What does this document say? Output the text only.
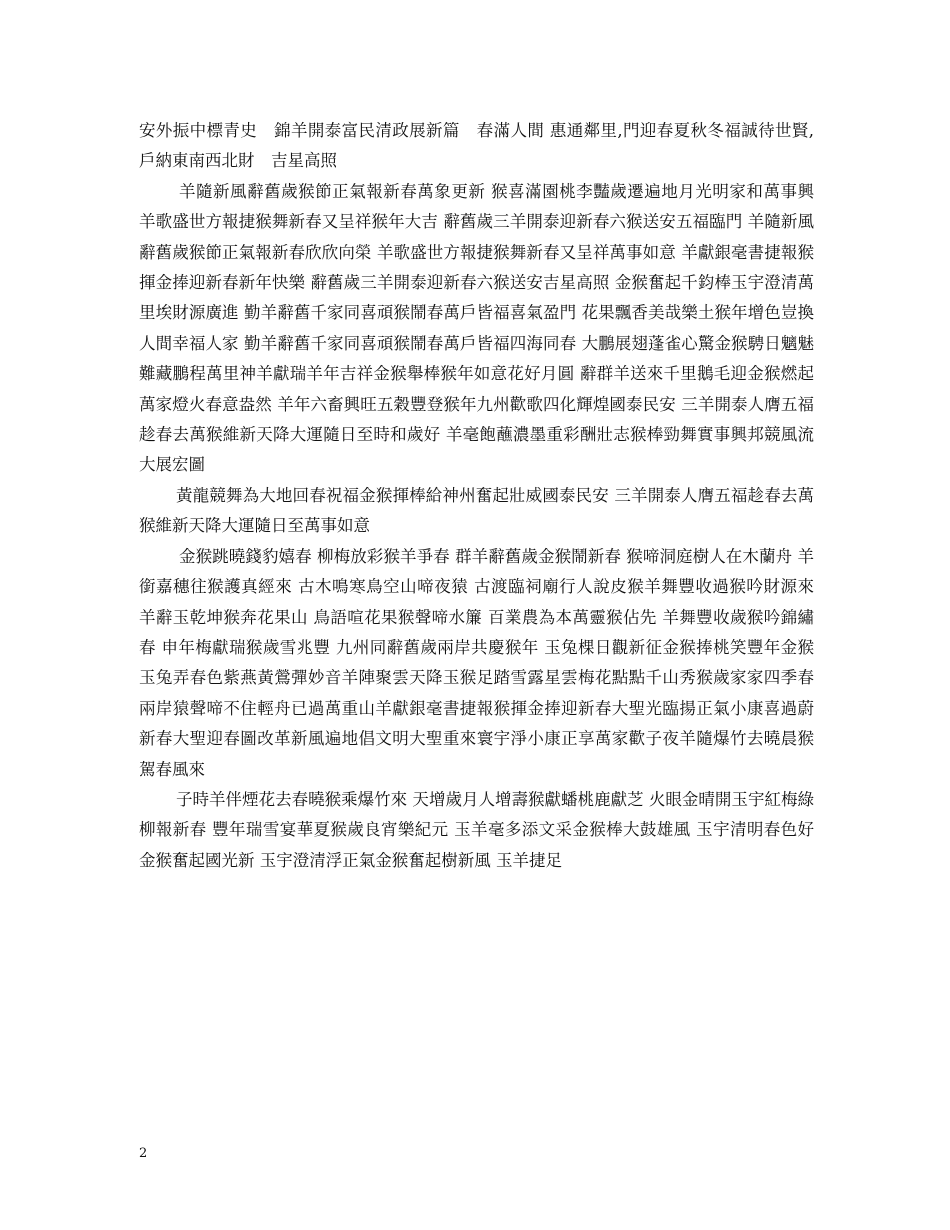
安外振中標青史　錦羊開泰富民清政展新篇　春滿人間 惠通鄰里,門迎春夏秋冬福誠待世賢,戶納東南西北財　吉星高照

羊隨新風辭舊歲猴節正氣報新春萬象更新 猴喜滿園桃李豔歲遷遍地月光明家和萬事興 羊歌盛世方報捷猴舞新春又呈祥猴年大吉 辭舊歲三羊開泰迎新春六猴送安五福臨門 羊隨新風辭舊歲猴節正氣報新春欣欣向榮 羊歌盛世方報捷猴舞新春又呈祥萬事如意 羊獻銀毫書捷報猴揮金捧迎新春新年快樂 辭舊歲三羊開泰迎新春六猴送安吉星高照 金猴奮起千鈞棒玉宇澄清萬里埃財源廣進 勤羊辭舊千家同喜頑猴鬧春萬戶皆福喜氣盈門 花果飄香美哉樂土猴年增色豈換人間幸福人家 勤羊辭舊千家同喜頑猴鬧春萬戶皆福四海同春 大鵬展翅蓬雀心驚金猴騁日魑魅難藏鵬程萬里神羊獻瑞羊年吉祥金猴舉棒猴年如意花好月圓 辭群羊送來千里鵝毛迎金猴燃起萬家燈火春意盎然 羊年六畜興旺五穀豐登猴年九州歡歌四化輝煌國泰民安 三羊開泰人膺五福趁春去萬猴維新天降大運隨日至時和歲好 羊毫飽蘸濃墨重彩酬壯志猴棒勁舞實事興邦競風流大展宏圖

黃龍競舞為大地回春祝福金猴揮棒給神州奮起壯威國泰民安 三羊開泰人膺五福趁春去萬猴維新天降大運隨日至萬事如意

金猴跳曉錢豹嬉春 柳梅放彩猴羊爭春 群羊辭舊歲金猴鬧新春 猴啼洞庭樹人在木蘭舟 羊銜嘉穗往猴護真經來 古木鳴寒鳥空山啼夜猿 古渡臨祠廟行人說皮猴羊舞豐收過猴吟財源來 羊辭玉乾坤猴奔花果山 鳥語喧花果猴聲啼水簾 百業農為本萬靈猴佔先 羊舞豐收歲猴吟錦繡春 申年梅獻瑞猴歲雪兆豐 九州同辭舊歲兩岸共慶猴年 玉兔棵日觀新征金猴捧桃笑豐年金猴玉兔弄春色紫燕黃鶯彈妙音羊陣聚雲天降玉猴足踏雪露星雲梅花點點千山秀猴歲家家四季春兩岸猿聲啼不住輕舟已過萬重山羊獻銀毫書捷報猴揮金捧迎新春大聖光臨揚正氣小康喜過蔚新春大聖迎春圖改革新風遍地倡文明大聖重來寰宇淨小康正享萬家歡子夜羊隨爆竹去曉晨猴駕春風來

子時羊伴煙花去春曉猴乘爆竹來 天增歲月人增壽猴獻蟠桃鹿獻芝 火眼金晴開玉宇紅梅綠柳報新春 豐年瑞雪宴華夏猴歲良宵樂紀元 玉羊毫多添文采金猴棒大鼓雄風 玉宇清明春色好金猴奮起國光新 玉宇澄清浮正氣金猴奮起樹新風 玉羊捷足

2
